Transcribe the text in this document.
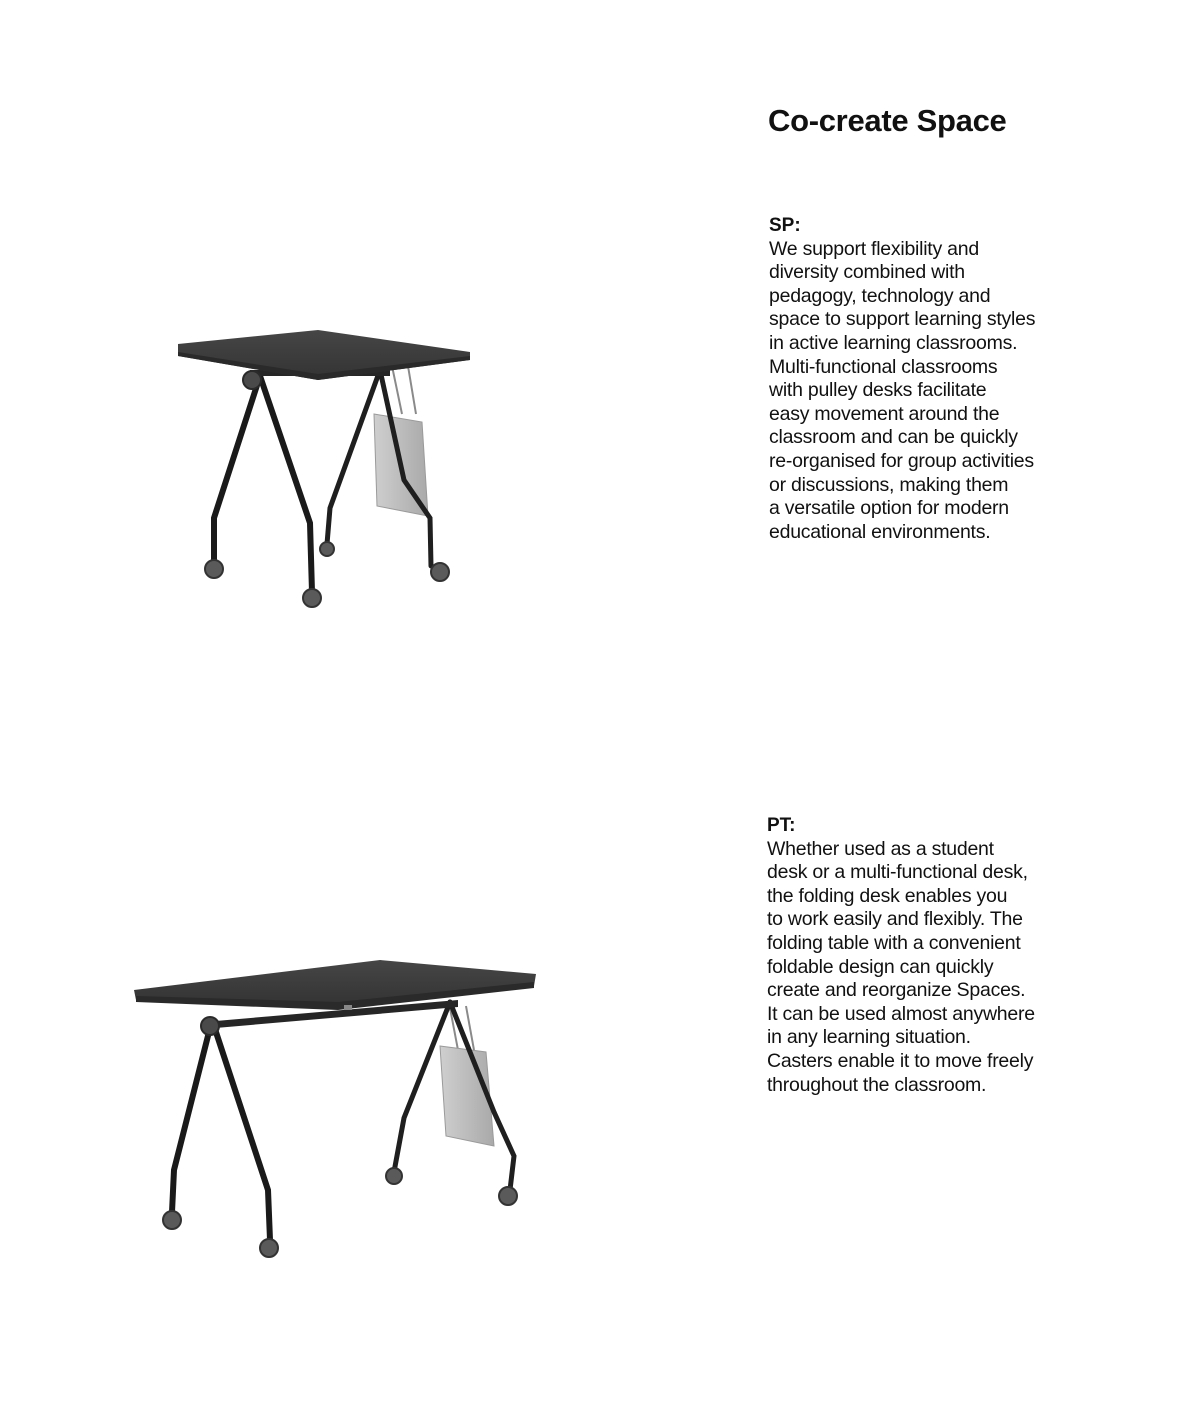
Co-create Space

SP:

We support flexibility and
diversity combined with
pedagogy, technology and
space to support learning styles
in active learning classrooms.
Multi-functional classrooms
with pulley desks facilitate
easy movement around the
classroom and can be quickly
re-organised for group activities
or discussions, making them
a versatile option for modern
educational environments.

PT:

Whether used as a student
desk or a multi-functional desk,
the folding desk enables you
to work easily and flexibly. The
folding table with a convenient
foldable design can quickly
create and reorganize Spaces.
It can be used almost anywhere
in any learning situation.
Casters enable it to move freely
throughout the classroom.
